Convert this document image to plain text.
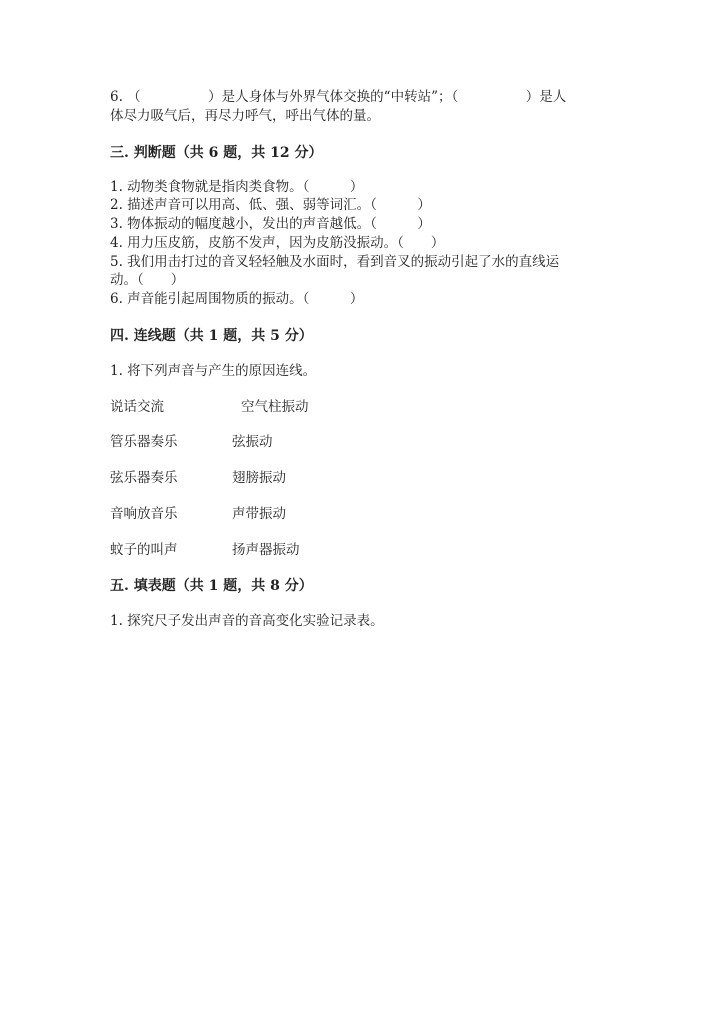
6. （　　　　　）是人身体与外界气体交换的“中转站”；（　　　　　）是人
体尽力吸气后，再尽力呼气，呼出气体的量。
三. 判断题（共 6 题，共 12 分）
1. 动物类食物就是指肉类食物。（　　　）
2. 描述声音可以用高、低、强、弱等词汇。（　　　）
3. 物体振动的幅度越小，发出的声音越低。（　　　）
4. 用力压皮筋，皮筋不发声，因为皮筋没振动。（　　）
5. 我们用击打过的音叉轻轻触及水面时，看到音叉的振动引起了水的直线运
动。（　　）
6. 声音能引起周围物质的振动。（　　　）
四. 连线题（共 1 题，共 5 分）
1. 将下列声音与产生的原因连线。
说话交流	空气柱振动
管乐器奏乐	弦振动
弦乐器奏乐	翅膀振动
音响放音乐	声带振动
蚊子的叫声	扬声器振动
五. 填表题（共 1 题，共 8 分）
1. 探究尺子发出声音的音高变化实验记录表。
